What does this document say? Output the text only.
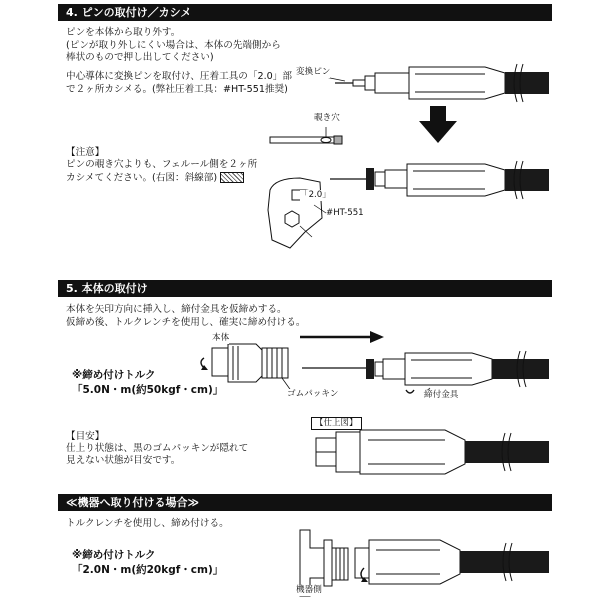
4. ピンの取付け／カシメ
ピンを本体から取り外す。
(ピンが取り外しにくい場合は、本体の先端側から
棒状のもので押し出してください)
中心導体に変換ピンを取付け、圧着工具の「2.0」部
で２ヶ所カシメる。(弊社圧着工具：#HT-551推奨)
【注意】
ピンの覗き穴よりも、フェルール側を２ヶ所
カシメてください。(右図：斜線部)
変換ピン
覗き穴
「2.0」
#HT-551
5. 本体の取付け
本体を矢印方向に挿入し、締付金具を仮締めする。
仮締め後、トルクレンチを使用し、確実に締め付ける。
本体
ゴムパッキン	締付金具
※締め付けトルク
「5.0N・m(約50kgf・cm)」
【目安】
仕上り状態は、黒のゴムパッキンが隠れて
見えない状態が目安です。
【仕上図】
≪機器へ取り付ける場合≫
トルクレンチを使用し、締め付ける。
※締め付けトルク
「2.0N・m(約20kgf・cm)」
機器側
